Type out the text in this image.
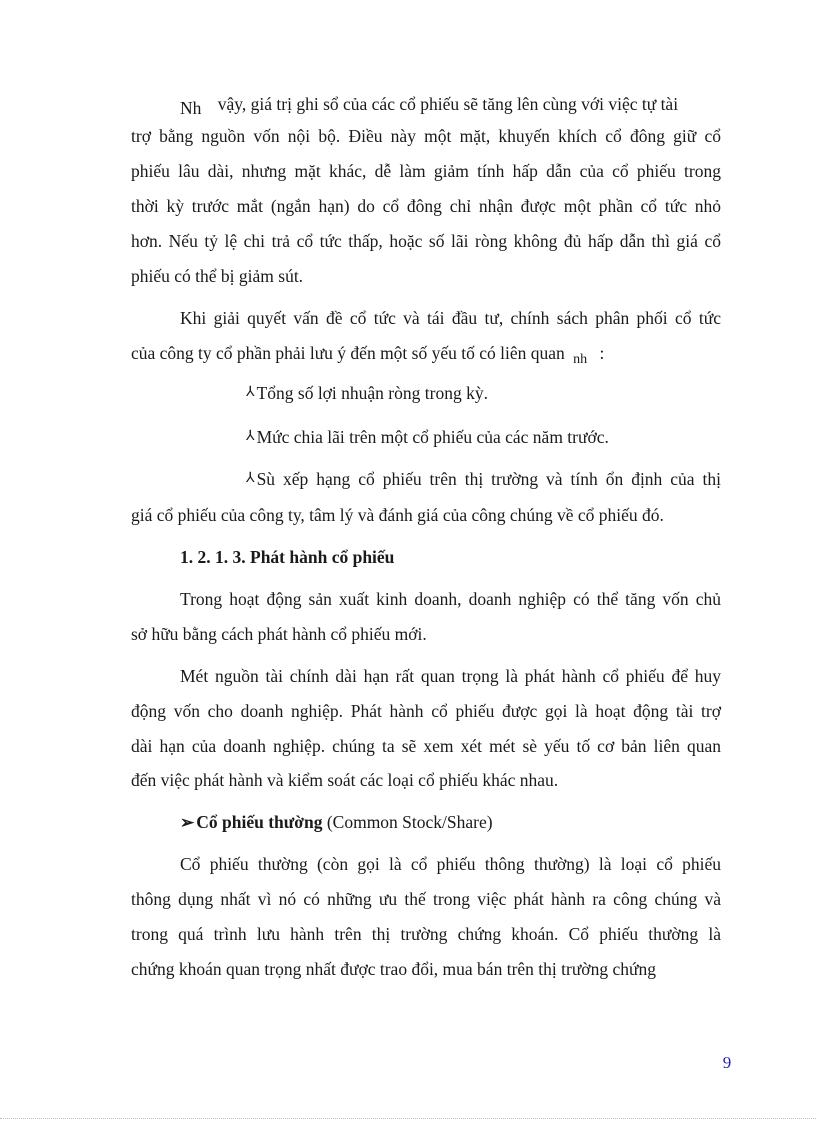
Nh vậy, giá trị ghi sổ của các cổ phiếu sẽ tăng lên cùng với việc tự tài

trợ bằng nguồn vốn nội bộ. Điều này một mặt, khuyến khích cổ đông giữ cổ

phiếu lâu dài, nhưng mặt khác, dễ làm giảm tính hấp dẫn của cổ phiếu trong

thời kỳ trước mắt (ngắn hạn) do cổ đông chỉ nhận được một phần cổ tức nhỏ

hơn. Nếu tỷ lệ chi trả cổ tức thấp, hoặc số lãi ròng không đủ hấp dẫn thì giá cổ

phiếu có thể bị giảm sút.

Khi giải quyết vấn đề cổ tức và tái đầu tư, chính sách phân phối cổ tức

của công ty cổ phần phải lưu ý đến một số yếu tố có liên quan $_{nh}$ :

⅄ Tổng số lợi nhuận ròng trong kỳ.

⅄ Mức chia lãi trên một cổ phiếu của các năm trước.

⅄ Sù xếp hạng cổ phiếu trên thị trường và tính ổn định của thị

giá cổ phiếu của công ty, tâm lý và đánh giá của công chúng về cổ phiếu đó.

1. 2. 1. 3. Phát hành cổ phiếu

Trong hoạt động sản xuất kinh doanh, doanh nghiệp có thể tăng vốn chủ

sở hữu bằng cách phát hành cổ phiếu mới.

Mét nguồn tài chính dài hạn rất quan trọng là phát hành cổ phiếu để huy

động vốn cho doanh nghiệp. Phát hành cổ phiếu được gọi là hoạt động tài trợ

dài hạn của doanh nghiệp. chúng ta sẽ xem xét mét sè yếu tố cơ bản liên quan

đến việc phát hành và kiểm soát các loại cổ phiếu khác nhau.

➢ Cổ phiếu thường (Common Stock/Share)

Cổ phiếu thường (còn gọi là cổ phiếu thông thường) là loại cổ phiếu

thông dụng nhất vì nó có những ưu thế trong việc phát hành ra công chúng và

trong quá trình lưu hành trên thị trường chứng khoán. Cổ phiếu thường là

chứng khoán quan trọng nhất được trao đổi, mua bán trên thị trường chứng

9
